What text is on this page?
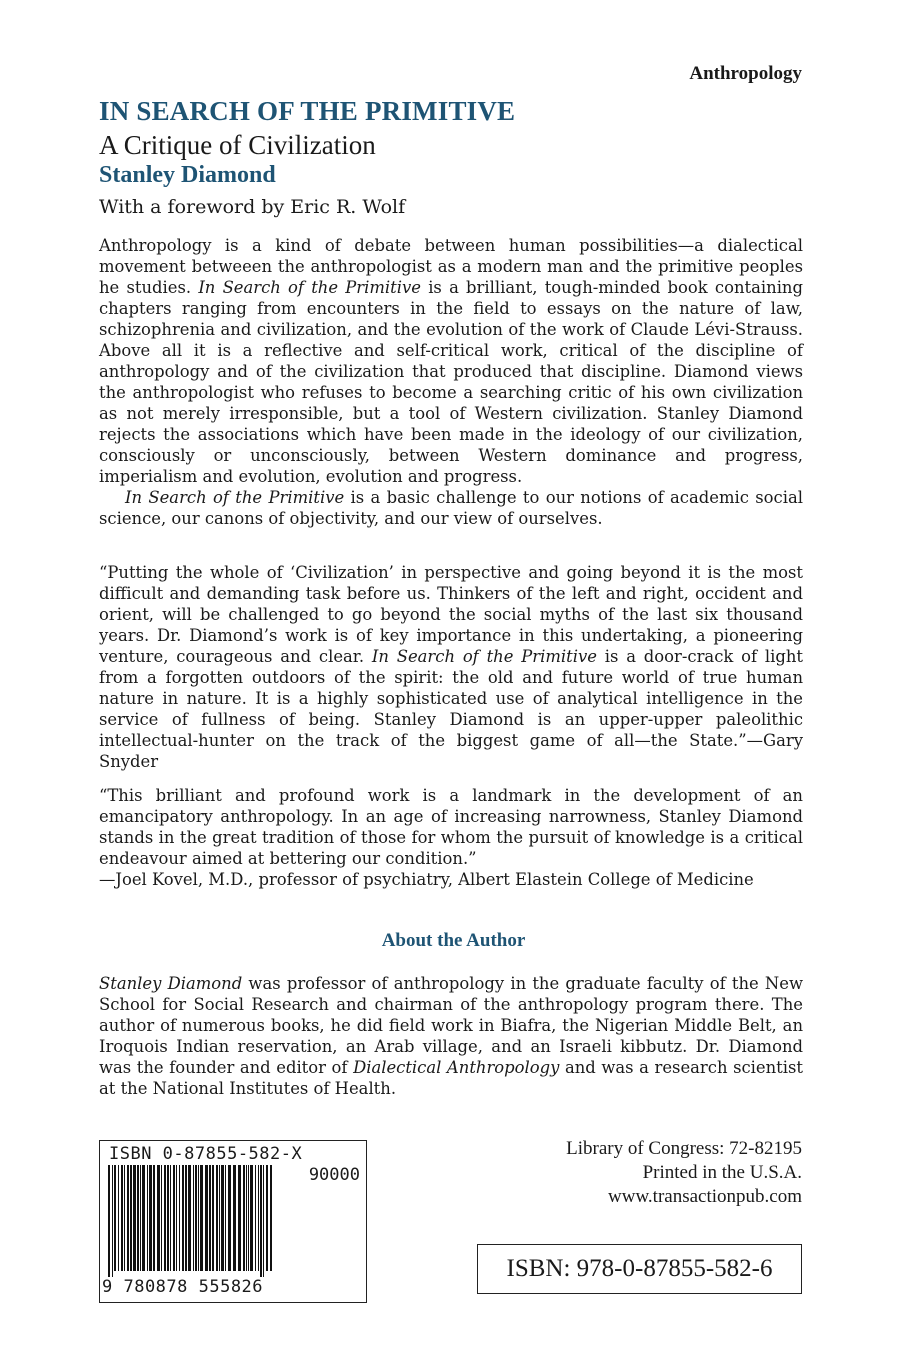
Anthropology
IN SEARCH OF THE PRIMITIVE
A Critique of Civilization
Stanley Diamond
With a foreword by Eric R. Wolf

Anthropology is a kind of debate between human possibilities—a dialectical movement betweeen the anthropologist as a modern man and the primitive peoples he studies. In Search of the Primitive is a brilliant, tough-minded book containing chapters ranging from encounters in the field to essays on the nature of law, schizophrenia and civilization, and the evolution of the work of Claude Lévi-Strauss. Above all it is a reflective and self-critical work, critical of the discipline of anthropology and of the civilization that produced that discipline. Diamond views the anthropologist who refuses to become a searching critic of his own civilization as not merely irresponsible, but a tool of Western civilization. Stanley Diamond rejects the associations which have been made in the ideology of our civilization, consciously or unconsciously, between Western dominance and progress, imperialism and evolution, evolution and progress.

In Search of the Primitive is a basic challenge to our notions of academic social science, our canons of objectivity, and our view of ourselves.

“Putting the whole of ‘Civilization’ in perspective and going beyond it is the most difficult and demanding task before us. Thinkers of the left and right, occident and orient, will be challenged to go beyond the social myths of the last six thousand years. Dr. Diamond’s work is of key importance in this undertaking, a pioneering venture, courageous and clear. In Search of the Primitive is a door-crack of light from a forgotten outdoors of the spirit: the old and future world of true human nature in nature. It is a highly sophisticated use of analytical intelligence in the service of fullness of being. Stanley Diamond is an upper-upper paleolithic intellectual-hunter on the track of the biggest game of all—the State.”—Gary Snyder

“This brilliant and profound work is a landmark in the development of an emancipatory anthropology. In an age of increasing narrowness, Stanley Diamond stands in the great tradition of those for whom the pursuit of knowledge is a critical endeavour aimed at bettering our condition.”

—Joel Kovel, M.D., professor of psychiatry, Albert Elastein College of Medicine

About the Author

Stanley Diamond was professor of anthropology in the graduate faculty of the New School for Social Research and chairman of the anthropology program there. The author of numerous books, he did field work in Biafra, the Nigerian Middle Belt, an Iroquois Indian reservation, an Arab village, and an Israeli kibbutz. Dr. Diamond was the founder and editor of Dialectical Anthropology and was a research scientist at the National Institutes of Health.

ISBN 0-87855-582-X
90000
9 780878 555826
Library of Congress: 72-82195
Printed in the U.S.A.
www.transactionpub.com
ISBN: 978-0-87855-582-6
